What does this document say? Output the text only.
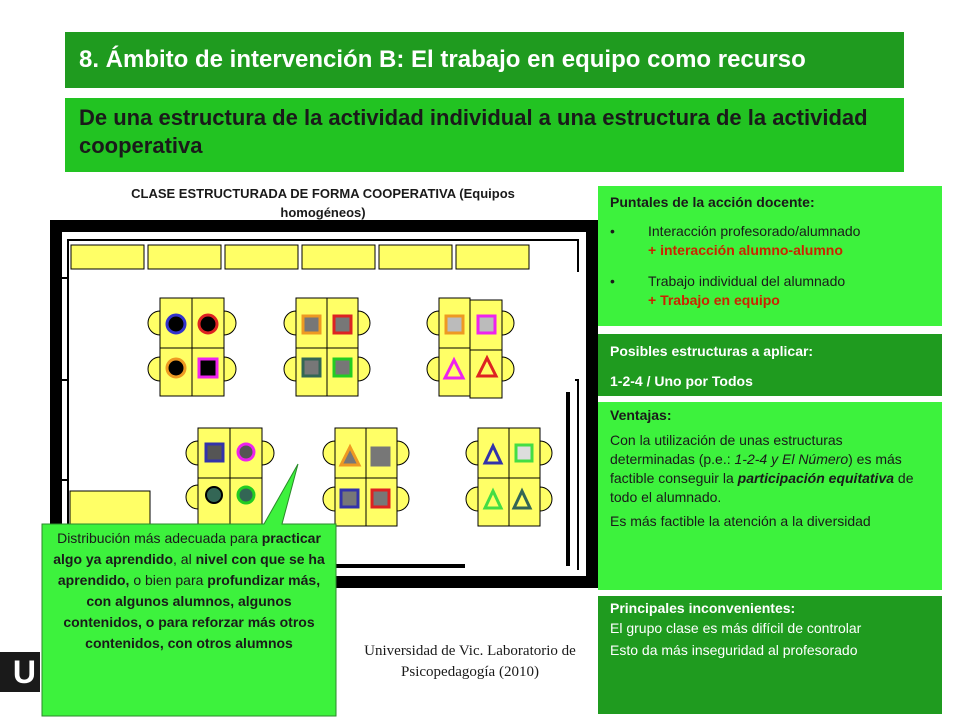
8. Ámbito de intervención B: El trabajo en equipo como recurso
De una estructura de la actividad individual a una estructura de la actividad cooperativa
CLASE ESTRUCTURADA DE FORMA COOPERATIVA (Equipos
homogéneos)
U
Universidad de Vic. Laboratorio de
Psicopedagogía (2010)
Distribución más adecuada para practicar algo ya aprendido, al nivel con que se ha aprendido, o bien para profundizar más, con algunos alumnos, algunos contenidos, o para reforzar más otros contenidos, con otros alumnos
Puntales de la acción docente:
•	Interacción profesorado/alumnado
+ interacción alumno-alumno
•	Trabajo individual del alumnado
+ Trabajo en equipo
Posibles estructuras a aplicar:
1-2-4 / Uno por Todos
Ventajas:
Con la utilización de unas estructuras determinadas (p.e.: 1-2-4 y El Número) es más factible conseguir la participación equitativa de todo el alumnado.
Es más factible la atención a la diversidad
Principales inconvenientes:
El grupo clase es más difícil de controlar
Esto da más inseguridad al profesorado
